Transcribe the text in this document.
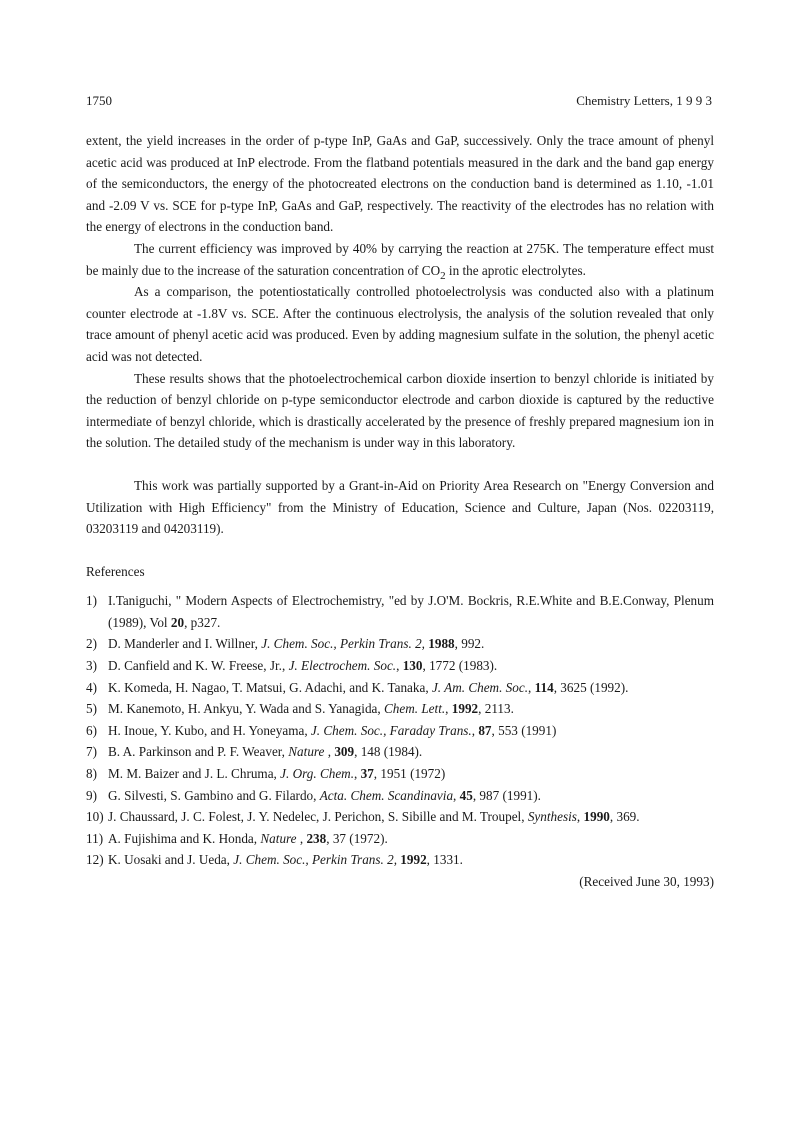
1750	Chemistry Letters, 1 9 9 3

extent, the yield increases in the order of p-type InP, GaAs and GaP, successively. Only the trace amount of phenyl acetic acid was produced at InP electrode. From the flatband potentials measured in the dark and the band gap energy of the semiconductors, the energy of the photocreated electrons on the conduction band is determined as 1.10, -1.01 and -2.09 V vs. SCE for p-type InP, GaAs and GaP, respectively. The reactivity of the electrodes has no relation with the energy of electrons in the conduction band.

The current efficiency was improved by 40% by carrying the reaction at 275K. The temperature effect must be mainly due to the increase of the saturation concentration of $CO_2$ in the aprotic electrolytes.

As a comparison, the potentiostatically controlled photoelectrolysis was conducted also with a platinum counter electrode at -1.8V vs. SCE. After the continuous electrolysis, the analysis of the solution revealed that only trace amount of phenyl acetic acid was produced. Even by adding magnesium sulfate in the solution, the phenyl acetic acid was not detected.

These results shows that the photoelectrochemical carbon dioxide insertion to benzyl chloride is initiated by the reduction of benzyl chloride on p-type semiconductor electrode and carbon dioxide is captured by the reductive intermediate of benzyl chloride, which is drastically accelerated by the presence of freshly prepared magnesium ion in the solution. The detailed study of the mechanism is under way in this laboratory.

This work was partially supported by a Grant-in-Aid on Priority Area Research on "Energy Conversion and Utilization with High Efficiency" from the Ministry of Education, Science and Culture, Japan (Nos. 02203119, 03203119 and 04203119).

References

1) I.Taniguchi, " Modern Aspects of Electrochemistry, "ed by J.O'M. Bockris, R.E.White and B.E.Conway, Plenum (1989), Vol 20, p327.
2) D. Manderler and I. Willner, J. Chem. Soc., Perkin Trans. 2, 1988, 992.
3) D. Canfield and K. W. Freese, Jr., J. Electrochem. Soc., 130, 1772 (1983).
4) K. Komeda, H. Nagao, T. Matsui, G. Adachi, and K. Tanaka, J. Am. Chem. Soc., 114, 3625 (1992).
5) M. Kanemoto, H. Ankyu, Y. Wada and S. Yanagida, Chem. Lett., 1992, 2113.
6) H. Inoue, Y. Kubo, and H. Yoneyama, J. Chem. Soc., Faraday Trans., 87, 553 (1991)
7) B. A. Parkinson and P. F. Weaver, Nature , 309, 148 (1984).
8) M. M. Baizer and J. L. Chruma, J. Org. Chem., 37, 1951 (1972)
9) G. Silvesti, S. Gambino and G. Filardo, Acta. Chem. Scandinavia, 45, 987 (1991).
10) J. Chaussard, J. C. Folest, J. Y. Nedelec, J. Perichon, S. Sibille and M. Troupel, Synthesis, 1990, 369.
11) A. Fujishima and K. Honda, Nature , 238, 37 (1972).
12) K. Uosaki and J. Ueda, J. Chem. Soc., Perkin Trans. 2, 1992, 1331.
(Received June 30, 1993)
